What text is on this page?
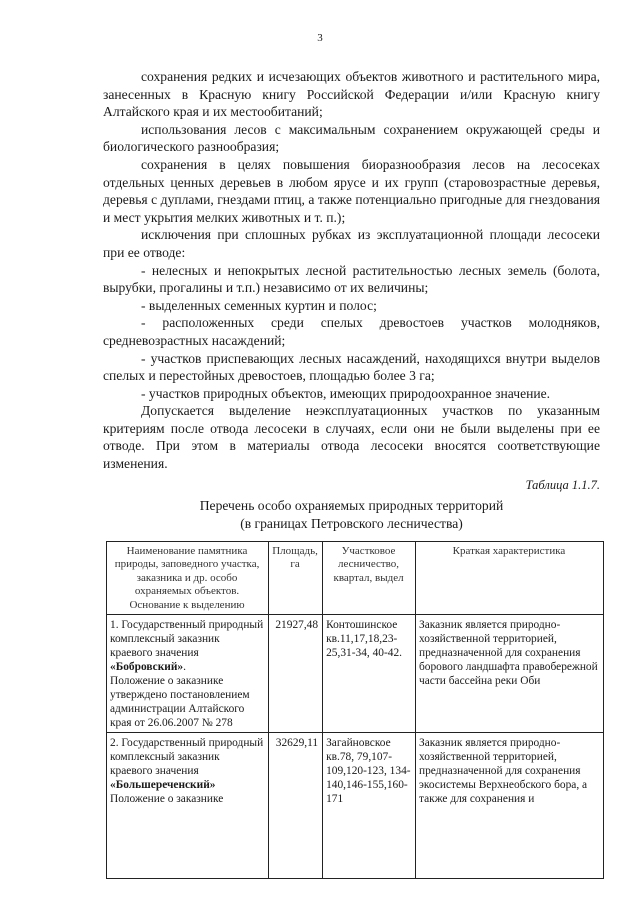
3

сохранения редких и исчезающих объектов животного и растительного мира, занесенных в Красную книгу Российской Федерации и/или Красную книгу Алтайского края и их местообитаний;

использования лесов с максимальным сохранением окружающей среды и биологического разнообразия;

сохранения в целях повышения биоразнообразия лесов на лесосеках отдельных ценных деревьев в любом ярусе и их групп (старовозрастные деревья, деревья с дуплами, гнездами птиц, а также потенциально пригодные для гнездования и мест укрытия мелких животных и т. п.);

исключения при сплошных рубках из эксплуатационной площади лесосеки при ее отводе:

- нелесных и непокрытых лесной растительностью лесных земель (болота, вырубки, прогалины и т.п.) независимо от их величины;

- выделенных семенных куртин и полос;

- расположенных среди спелых древостоев участков молодняков, средневозрастных насаждений;

- участков приспевающих лесных насаждений, находящихся внутри выделов спелых и перестойных древостоев, площадью более 3 га;

- участков природных объектов, имеющих природоохранное значение.

Допускается выделение неэксплуатационных участков по указанным критериям после отвода лесосеки в случаях, если они не были выделены при ее отводе. При этом в материалы отвода лесосеки вносятся соответствующие изменения.

Таблица 1.1.7.

Перечень особо охраняемых природных территорий

(в границах Петровского лесничества)

Наименование памятника природы, заповедного участка, заказника и др. особо охраняемых объектов. Основание к выделению	Площадь, га	Участковое лесничество, квартал, выдел	Краткая характеристика
1. Государственный природный комплексный заказник краевого значения
«Бобровский».
Положение о заказнике утверждено постановлением администрации Алтайского края от 26.06.2007 № 278	21927,48	Контошинское кв.11,17,18,23-25,31-34, 40-42.	Заказник является природно-хозяйственной территорией, предназначенной для сохранения борового ландшафта правобережной части бассейна реки Оби
2. Государственный природный комплексный заказник краевого значения
«Большереченский»
Положение о заказнике	32629,11	Загайновское кв.78, 79,107-109,120-123, 134-140,146-155,160-171	Заказник является природно-хозяйственной территорией, предназначенной для сохранения экосистемы Верхнеобского бора, а также для сохранения и
